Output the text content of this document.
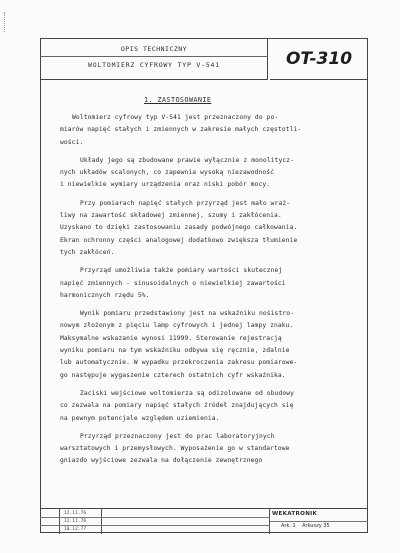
OPIS TECHNICZNY
WOLTOMIERZ CYFROWY TYP V-541	OT-310
1. ZASTOSOWANIE
Woltomierz cyfrowy typ V-541 jest przeznaczony do po-
miarów napięć stałych i zmiennych w zakresie małych częstotli-
wości.
Układy jego są zbudowane prawie wyłącznie z monolitycz-
nych układów scalonych, co zapewnia wysoką niezawodność
i niewielkie wymiary urządzenia oraz niski pobór mocy.
Przy pomiarach napięć stałych przyrząd jest mało wraż-
liwy na zawartość składowej zmiennej, szumy i zakłócenia.
Uzyskano to dzięki zastosowaniu zasady podwójnego całkowania.
Ekran ochronny części analogowej dodatkowo zwiększa tłumienie
tych zakłóceń.
Przyrząd umożliwia także pomiary wartości skutecznej
napięć zmiennych - sinusoidalnych o niewielkiej zawartości
harmonicznych rzędu 5%.
Wynik pomiaru przedstawiony jest na wskaźniku nośistro-
nowym złożonym z pięciu lamp cyfrowych i jednej lampy znaku.
Maksymalne wskazanie wynosi 11999. Sterowanie rejestracją
wyniku pomiaru na tym wskaźniku odbywa się ręcznie, zdalnie
lub automatycznie. W wypadku przekroczenia zakresu pomiarowe-
go następuje wygaszenie czterech ostatnich cyfr wskaźnika.
Zaciski wejściowe woltomierza są odizolowane od obudowy
co zezwala na pomiary napięć stałych źródeł znajdujących się
na pewnym potencjale względem uziemienia.
Przyrząd przeznaczony jest do prac laboratoryjnych
warsztatowych i przemysłowych. Wyposażenie go w standartowe
gniazdo wyjściowe zezwala na dołączenie zewnętrznego
12.11.76
12.11.76
10.12.77
WEKATRONIK
Ark. 1 Arkuszy 35
